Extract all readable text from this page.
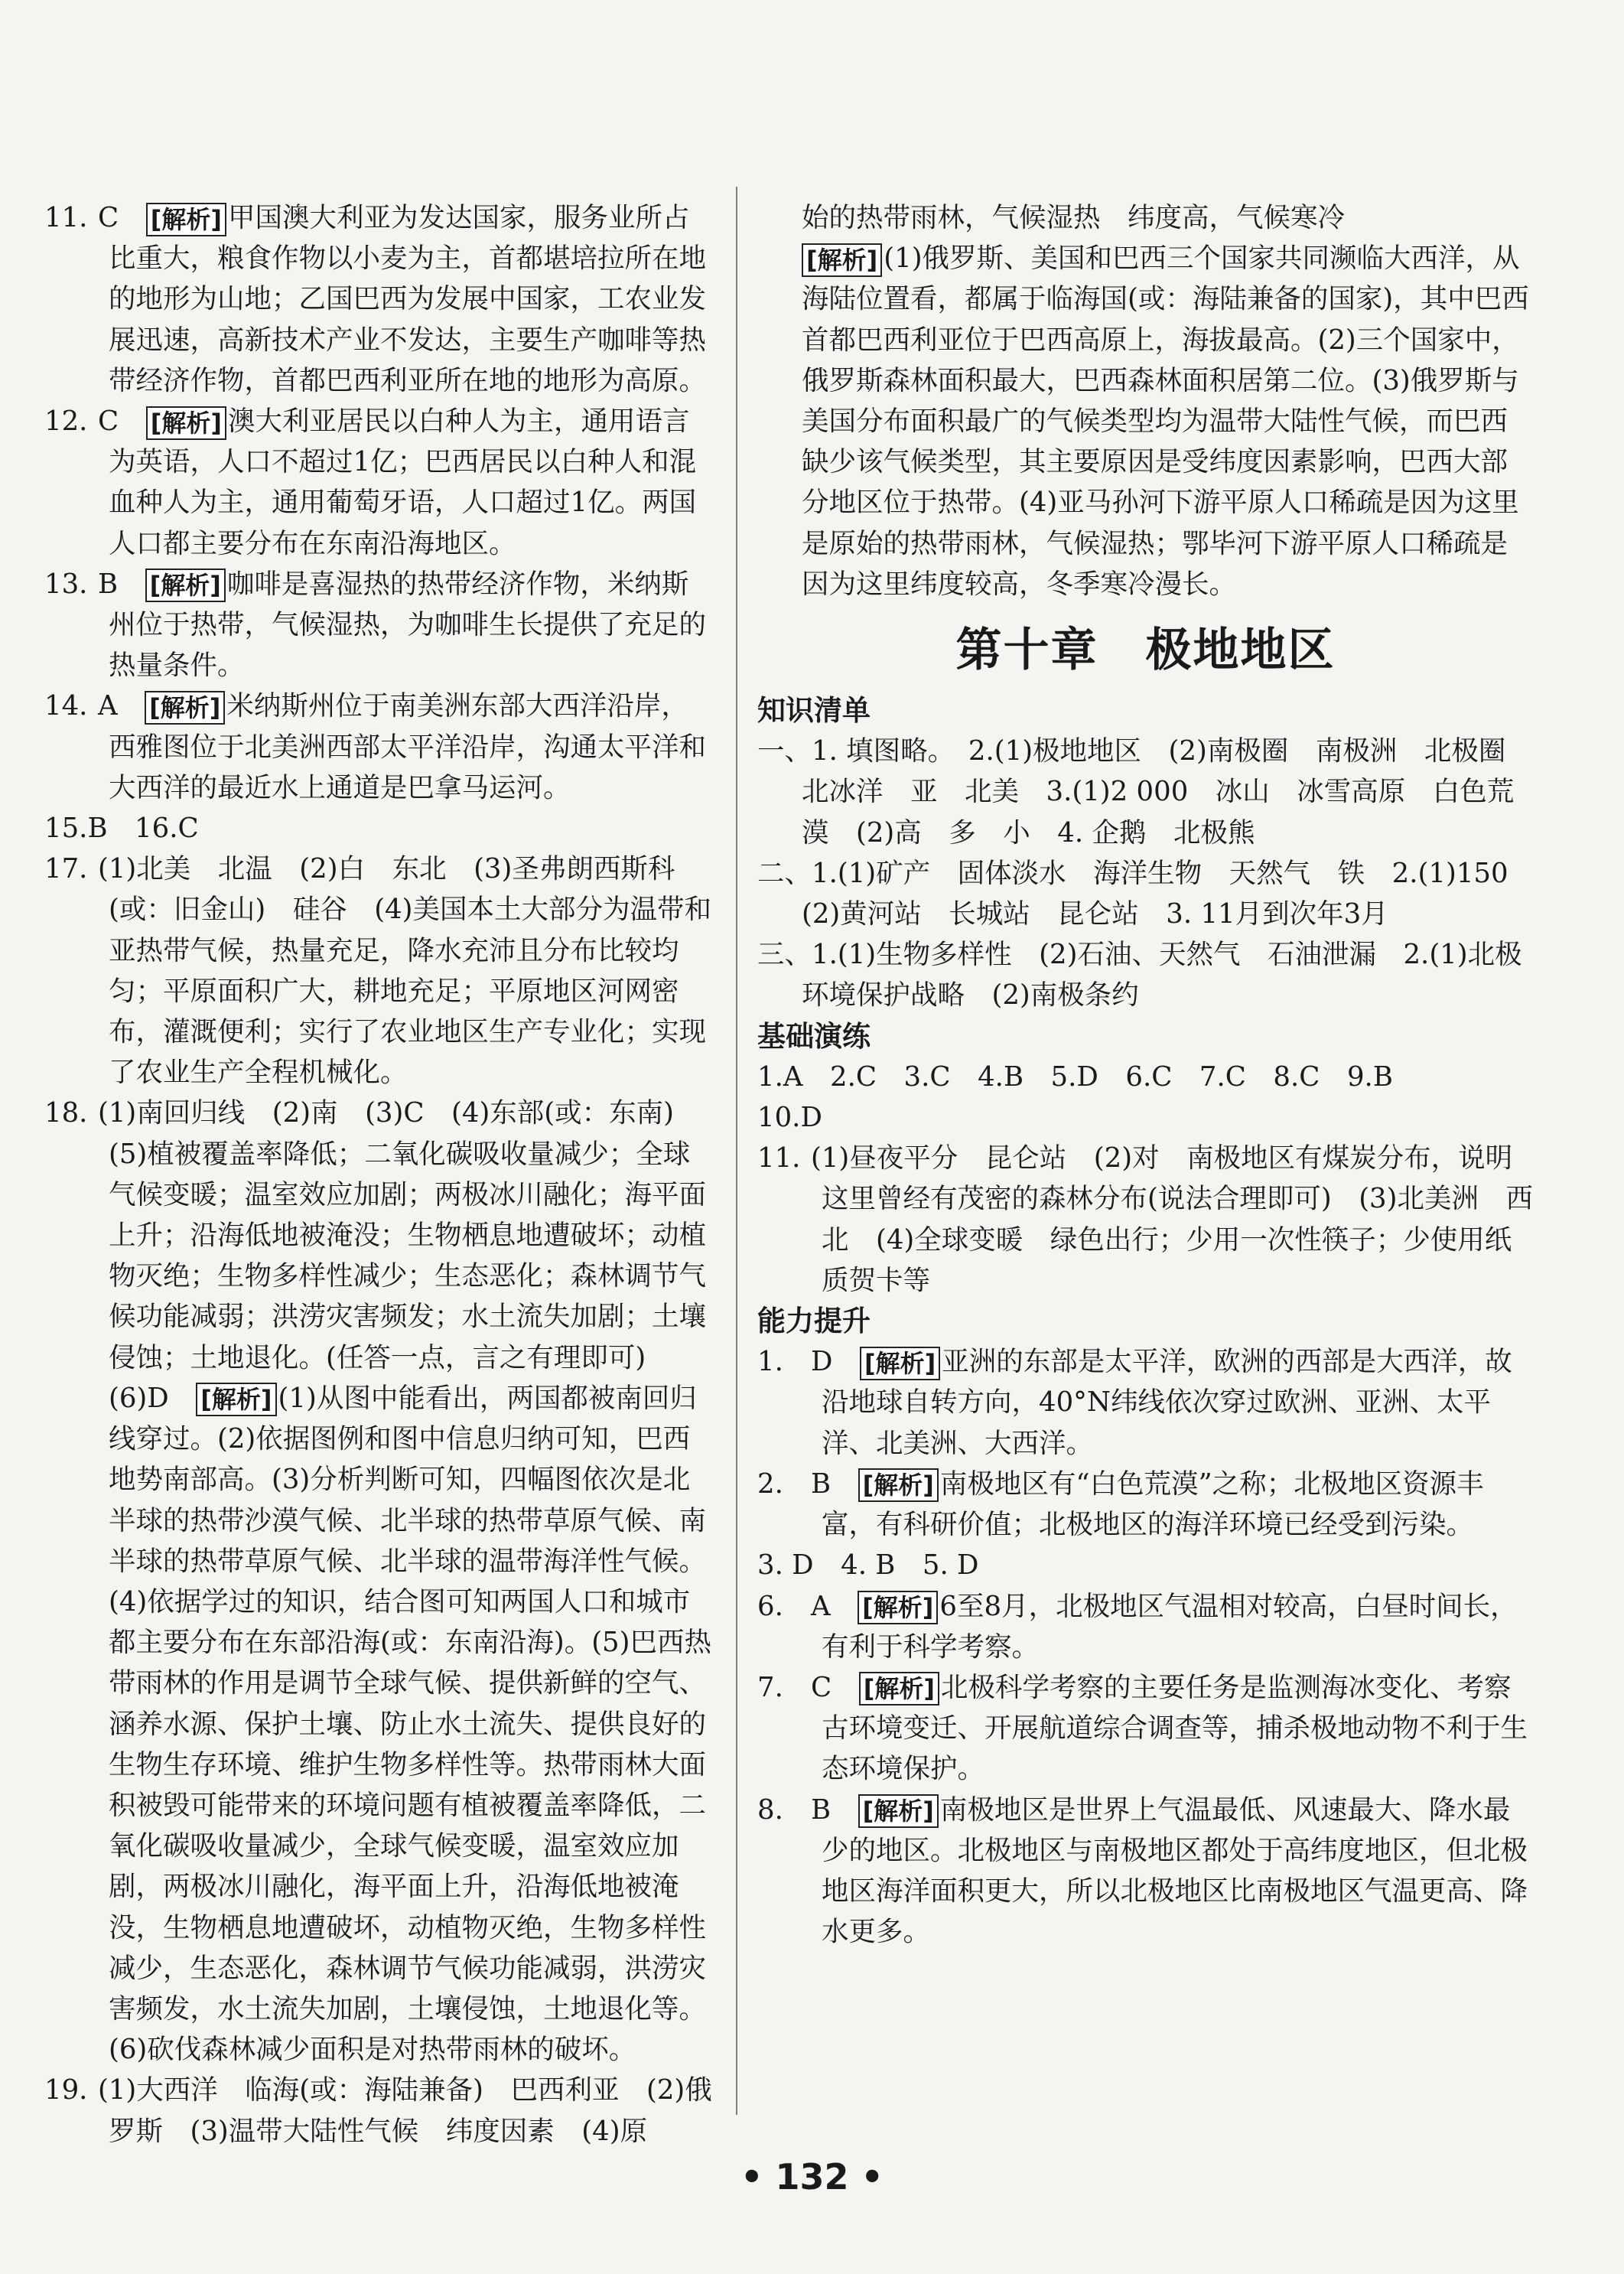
11. C　 [解析] 甲国澳大利亚为发达国家，服务业所占比重大，粮食作物以小麦为主，首都堪培拉所在地的地形为山地；乙国巴西为发展中国家，工农业发展迅速，高新技术产业不发达，主要生产咖啡等热带经济作物，首都巴西利亚所在地的地形为高原。

12. C　 [解析] 澳大利亚居民以白种人为主，通用语言为英语，人口不超过1亿；巴西居民以白种人和混血种人为主，通用葡萄牙语，人口超过1亿。两国人口都主要分布在东南沿海地区。

13. B　 [解析] 咖啡是喜湿热的热带经济作物，米纳斯州位于热带，气候湿热，为咖啡生长提供了充足的热量条件。

14. A　 [解析] 米纳斯州位于南美洲东部大西洋沿岸，西雅图位于北美洲西部太平洋沿岸，沟通太平洋和大西洋的最近水上通道是巴拿马运河。

15.B　16.C

17. (1)北美　北温　(2)白　东北　(3)圣弗朗西斯科(或：旧金山)　硅谷　(4)美国本土大部分为温带和亚热带气候，热量充足，降水充沛且分布比较均匀；平原面积广大，耕地充足；平原地区河网密布，灌溉便利；实行了农业地区生产专业化；实现了农业生产全程机械化。

18. (1)南回归线　(2)南　(3)C　(4)东部(或：东南)　(5)植被覆盖率降低；二氧化碳吸收量减少；全球气候变暖；温室效应加剧；两极冰川融化；海平面上升；沿海低地被淹没；生物栖息地遭破坏；动植物灭绝；生物多样性减少；生态恶化；森林调节气候功能减弱；洪涝灾害频发；水土流失加剧；土壤侵蚀；土地退化。(任答一点，言之有理即可)　(6)D　 [解析] (1)从图中能看出，两国都被南回归线穿过。(2)依据图例和图中信息归纳可知，巴西地势南部高。(3)分析判断可知，四幅图依次是北半球的热带沙漠气候、北半球的热带草原气候、南半球的热带草原气候、北半球的温带海洋性气候。(4)依据学过的知识，结合图可知两国人口和城市都主要分布在东部沿海(或：东南沿海)。(5)巴西热带雨林的作用是调节全球气候、提供新鲜的空气、涵养水源、保护土壤、防止水土流失、提供良好的生物生存环境、维护生物多样性等。热带雨林大面积被毁可能带来的环境问题有植被覆盖率降低，二氧化碳吸收量减少，全球气候变暖，温室效应加剧，两极冰川融化，海平面上升，沿海低地被淹没，生物栖息地遭破坏，动植物灭绝，生物多样性减少，生态恶化，森林调节气候功能减弱，洪涝灾害频发，水土流失加剧，土壤侵蚀，土地退化等。(6)砍伐森林减少面积是对热带雨林的破坏。

19. (1)大西洋　临海(或：海陆兼备)　巴西利亚　(2)俄罗斯　(3)温带大陆性气候　纬度因素　(4)原

始的热带雨林，气候湿热　纬度高，气候寒冷

[解析] (1)俄罗斯、美国和巴西三个国家共同濒临大西洋，从海陆位置看，都属于临海国(或：海陆兼备的国家)，其中巴西首都巴西利亚位于巴西高原上，海拔最高。(2)三个国家中，俄罗斯森林面积最大，巴西森林面积居第二位。(3)俄罗斯与美国分布面积最广的气候类型均为温带大陆性气候，而巴西缺少该气候类型，其主要原因是受纬度因素影响，巴西大部分地区位于热带。(4)亚马孙河下游平原人口稀疏是因为这里是原始的热带雨林，气候湿热；鄂毕河下游平原人口稀疏是因为这里纬度较高，冬季寒冷漫长。

第十章　极地地区
知识清单

一、1. 填图略。　2.(1)极地地区　(2)南极圈　南极洲　北极圈　北冰洋　亚　北美　3.(1)2 000　冰山　冰雪高原　白色荒漠　(2)高　多　小　4. 企鹅　北极熊

二、1.(1)矿产　固体淡水　海洋生物　天然气　铁　2.(1)150　(2)黄河站　长城站　昆仑站　3. 11月到次年3月

三、1.(1)生物多样性　(2)石油、天然气　石油泄漏　2.(1)北极环境保护战略　(2)南极条约

基础演练

1.A　2.C　3.C　4.B　5.D　6.C　7.C　8.C　9.B

10.D

11. (1)昼夜平分　昆仑站　(2)对　南极地区有煤炭分布，说明这里曾经有茂密的森林分布(说法合理即可)　(3)北美洲　西北　(4)全球变暖　绿色出行；少用一次性筷子；少使用纸质贺卡等

能力提升

1. D　 [解析] 亚洲的东部是太平洋，欧洲的西部是大西洋，故沿地球自转方向，40°N纬线依次穿过欧洲、亚洲、太平洋、北美洲、大西洋。

2. B　 [解析] 南极地区有“白色荒漠”之称；北极地区资源丰富，有科研价值；北极地区的海洋环境已经受到污染。

3. D　4. B　5. D

6. A　 [解析] 6至8月，北极地区气温相对较高，白昼时间长，有利于科学考察。

7. C　 [解析] 北极科学考察的主要任务是监测海冰变化、考察古环境变迁、开展航道综合调查等，捕杀极地动物不利于生态环境保护。

8. B　 [解析] 南极地区是世界上气温最低、风速最大、降水最少的地区。北极地区与南极地区都处于高纬度地区，但北极地区海洋面积更大，所以北极地区比南极地区气温更高、降水更多。

• 132 •
